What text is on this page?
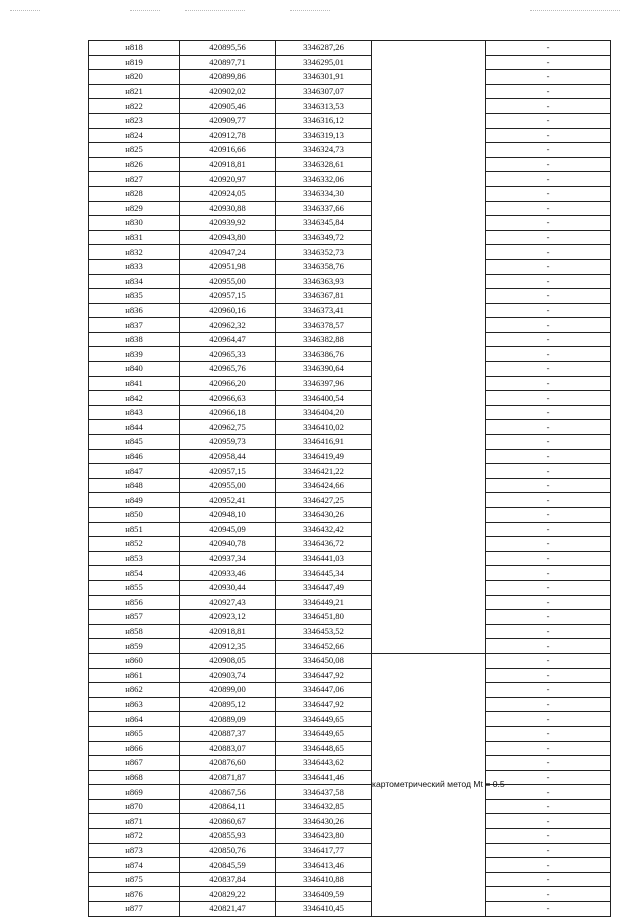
н818	420895,56	3346287,26		-
н819	420897,71	3346295,01		-
н820	420899,86	3346301,91		-
н821	420902,02	3346307,07		-
н822	420905,46	3346313,53		-
н823	420909,77	3346316,12		-
н824	420912,78	3346319,13		-
н825	420916,66	3346324,73		-
н826	420918,81	3346328,61		-
н827	420920,97	3346332,06		-
н828	420924,05	3346334,30		-
н829	420930,88	3346337,66		-
н830	420939,92	3346345,84		-
н831	420943,80	3346349,72		-
н832	420947,24	3346352,73		-
н833	420951,98	3346358,76		-
н834	420955,00	3346363,93		-
н835	420957,15	3346367,81		-
н836	420960,16	3346373,41		-
н837	420962,32	3346378,57		-
н838	420964,47	3346382,88		-
н839	420965,33	3346386,76		-
н840	420965,76	3346390,64		-
н841	420966,20	3346397,96		-
н842	420966,63	3346400,54		-
н843	420966,18	3346404,20		-
н844	420962,75	3346410,02		-
н845	420959,73	3346416,91		-
н846	420958,44	3346419,49		-
н847	420957,15	3346421,22		-
н848	420955,00	3346424,66		-
н849	420952,41	3346427,25		-
н850	420948,10	3346430,26		-
н851	420945,09	3346432,42		-
н852	420940,78	3346436,72		-
н853	420937,34	3346441,03		-
н854	420933,46	3346445,34		-
н855	420930,44	3346447,49		-
н856	420927,43	3346449,21		-
н857	420923,12	3346451,80		-
н858	420918,81	3346453,52		-
н859	420912,35	3346452,66		-
н860	420908,05	3346450,08	картометрический метод Mt = 0.5	-
н861	420903,74	3346447,92		-
н862	420899,00	3346447,06		-
н863	420895,12	3346447,92		-
н864	420889,09	3346449,65		-
н865	420887,37	3346449,65		-
н866	420883,07	3346448,65		-
н867	420876,60	3346443,62		-
н868	420871,87	3346441,46		-
н869	420867,56	3346437,58		-
н870	420864,11	3346432,85		-
н871	420860,67	3346430,26		-
н872	420855,93	3346423,80		-
н873	420850,76	3346417,77		-
н874	420845,59	3346413,46		-
н875	420837,84	3346410,88		-
н876	420829,22	3346409,59		-
н877	420821,47	3346410,45		-
